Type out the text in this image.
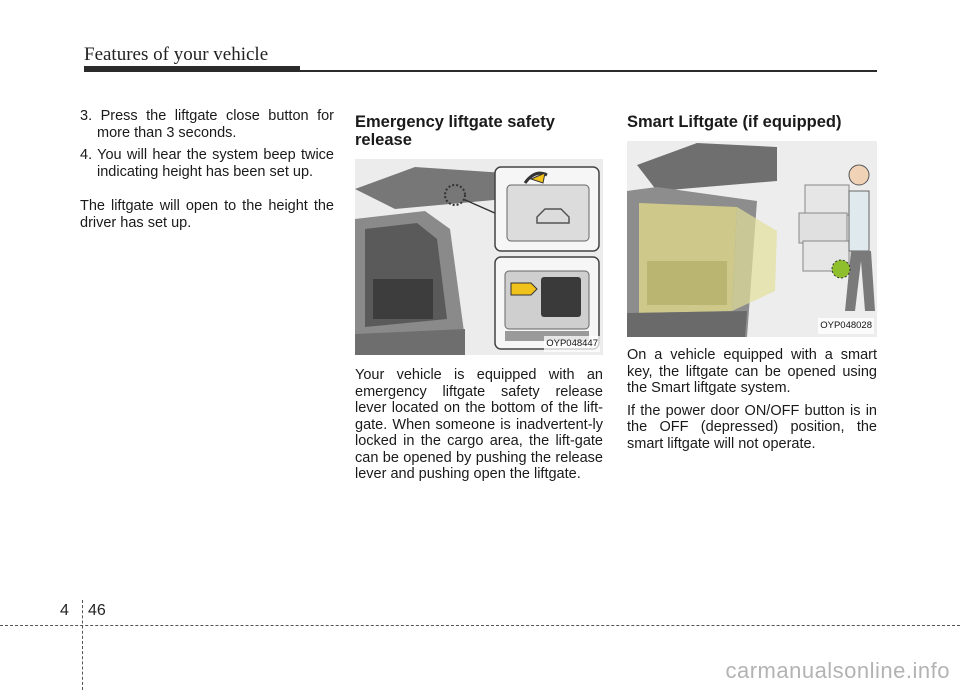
Features of your vehicle

3. Press the liftgate close button for more than 3 seconds.

4. You will hear the system beep twice indicating height has been set up.

The liftgate will open to the height the driver has set up.

Emergency liftgate safety release
OYP048447

Your vehicle is equipped with an emergency liftgate safety release lever located on the bottom of the lift-gate. When someone is inadvertent-ly locked in the cargo area, the lift-gate can be opened by pushing the release lever and pushing open the liftgate.

Smart Liftgate (if equipped)
OYP048028

On a vehicle equipped with a smart key, the liftgate can be opened using the Smart liftgate system.

If the power door ON/OFF button is in the OFF (depressed) position, the smart liftgate will not operate.

4 46
carmanualsonline.info
